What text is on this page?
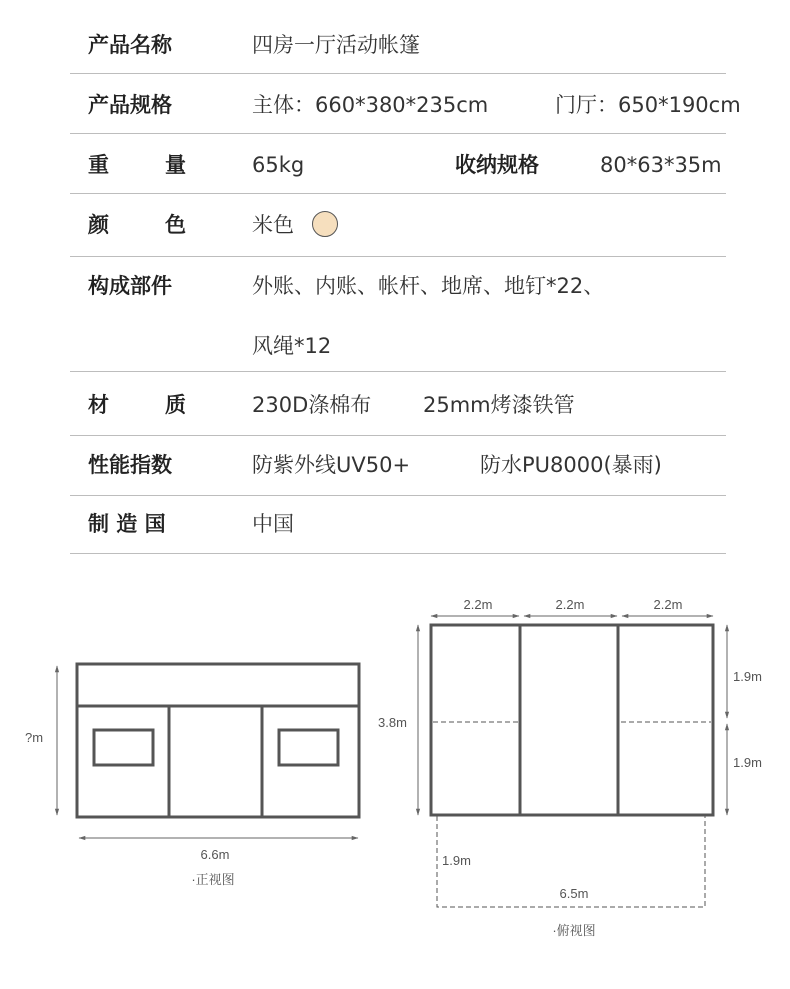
产品名称	四房一厅活动帐篷
产品规格	主体：660*380*235cm	门厅：650*190cm
重	量	65kg	收纳规格	80*63*35m
颜	色	米色
构成部件	外账、内账、帐杆、地席、地钉*22、
风绳*12
材	质	230D涤棉布 25mm烤漆铁管
性能指数	防紫外线UV50+	防水PU8000(暴雨)
制 造 国	中国
?m
6.6m
·正视图
2.2m	2.2m	2.2m
3.8m
1.9m
1.9m
1.9m
6.5m
·俯视图
